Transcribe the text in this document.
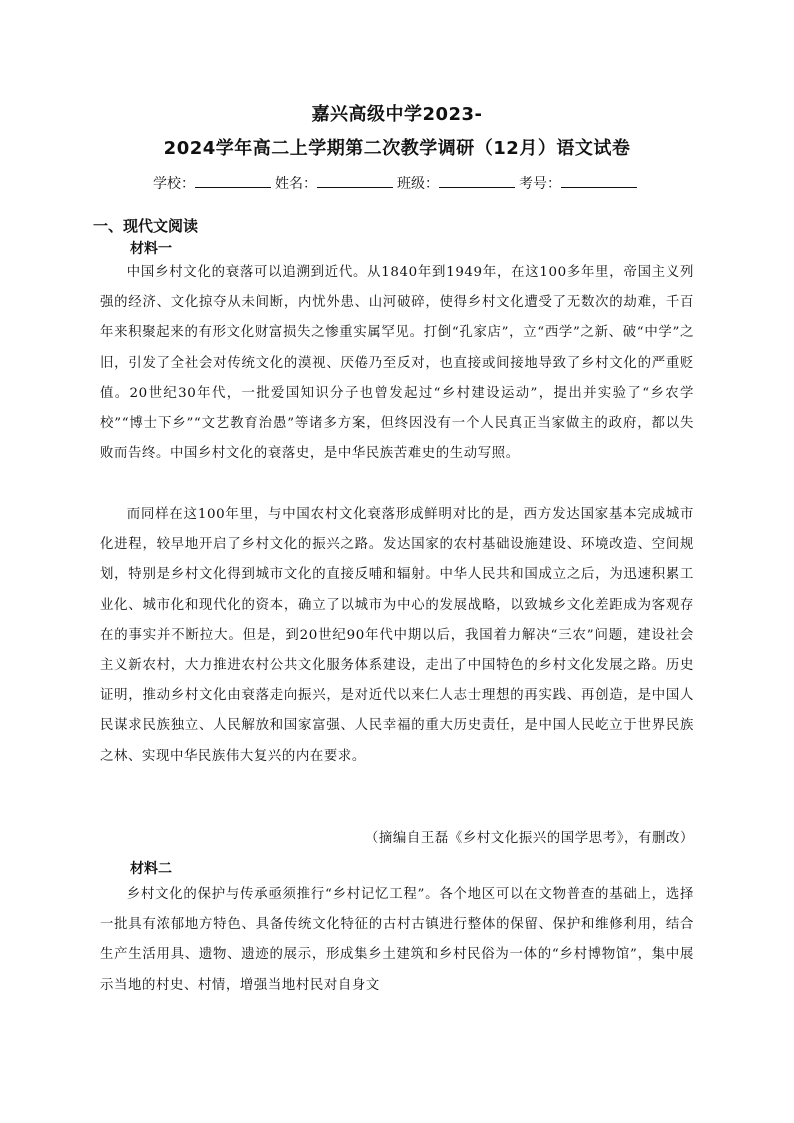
嘉兴高级中学2023-
2024学年高二上学期第二次教学调研（12月）语文试卷
学校：	姓名：	班级：	考号：
一、现代文阅读
材料一
中国乡村文化的衰落可以追溯到近代。从1840年到1949年，在这100多年里，帝国主义列强的经济、文化掠夺从未间断，内忧外患、山河破碎，使得乡村文化遭受了无数次的劫难，千百年来积聚起来的有形文化财富损失之惨重实属罕见。打倒“孔家店”，立“西学”之新、破“中学”之旧，引发了全社会对传统文化的漠视、厌倦乃至反对，也直接或间接地导致了乡村文化的严重贬值。20世纪30年代，一批爱国知识分子也曾发起过“乡村建设运动”，提出并实验了“乡农学校”“博士下乡”“文艺教育治愚”等诸多方案，但终因没有一个人民真正当家做主的政府，都以失败而告终。中国乡村文化的衰落史，是中华民族苦难史的生动写照。
而同样在这100年里，与中国农村文化衰落形成鲜明对比的是，西方发达国家基本完成城市化进程，较早地开启了乡村文化的振兴之路。发达国家的农村基础设施建设、环境改造、空间规划，特别是乡村文化得到城市文化的直接反哺和辐射。中华人民共和国成立之后，为迅速积累工业化、城市化和现代化的资本，确立了以城市为中心的发展战略，以致城乡文化差距成为客观存在的事实并不断拉大。但是，到20世纪90年代中期以后，我国着力解决“三农”问题，建设社会主义新农村，大力推进农村公共文化服务体系建设，走出了中国特色的乡村文化发展之路。历史证明，推动乡村文化由衰落走向振兴，是对近代以来仁人志士理想的再实践、再创造，是中国人民谋求民族独立、人民解放和国家富强、人民幸福的重大历史责任，是中国人民屹立于世界民族之林、实现中华民族伟大复兴的内在要求。
（摘编自王磊《乡村文化振兴的国学思考》，有删改）
材料二
乡村文化的保护与传承亟须推行“乡村记忆工程”。各个地区可以在文物普查的基础上，选择一批具有浓郁地方特色、具备传统文化特征的古村古镇进行整体的保留、保护和维修利用，结合生产生活用具、遗物、遗迹的展示，形成集乡土建筑和乡村民俗为一体的“乡村博物馆”，集中展示当地的村史、村情，增强当地村民对自身文
